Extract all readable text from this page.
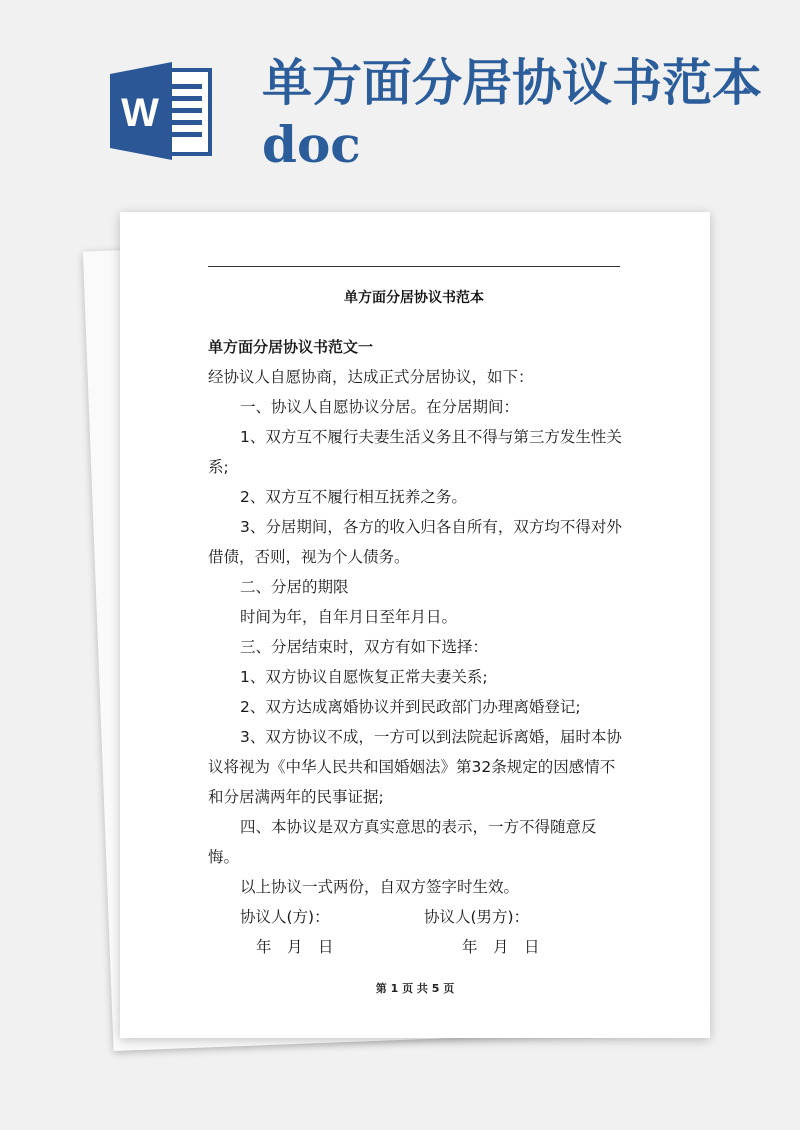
W
单方面分居协议书范本doc
单方面分居协议书范本

单方面分居协议书范文一

经协议人自愿协商，达成正式分居协议，如下：

一、协议人自愿协议分居。在分居期间：

1、双方互不履行夫妻生活义务且不得与第三方发生性关系;

2、双方互不履行相互抚养之务。

3、分居期间，各方的收入归各自所有，双方均不得对外借债，否则，视为个人债务。

二、分居的期限

时间为年，自年月日至年月日。

三、分居结束时，双方有如下选择：

1、双方协议自愿恢复正常夫妻关系;

2、双方达成离婚协议并到民政部门办理离婚登记;

3、双方协议不成，一方可以到法院起诉离婚，届时本协议将视为《中华人民共和国婚姻法》第32条规定的因感情不和分居满两年的民事证据;

四、本协议是双方真实意思的表示，一方不得随意反悔。

以上协议一式两份，自双方签字时生效。

协议人(方)：	协议人(男方)：
年　月　日	年　月　日
第 1 页 共 5 页
